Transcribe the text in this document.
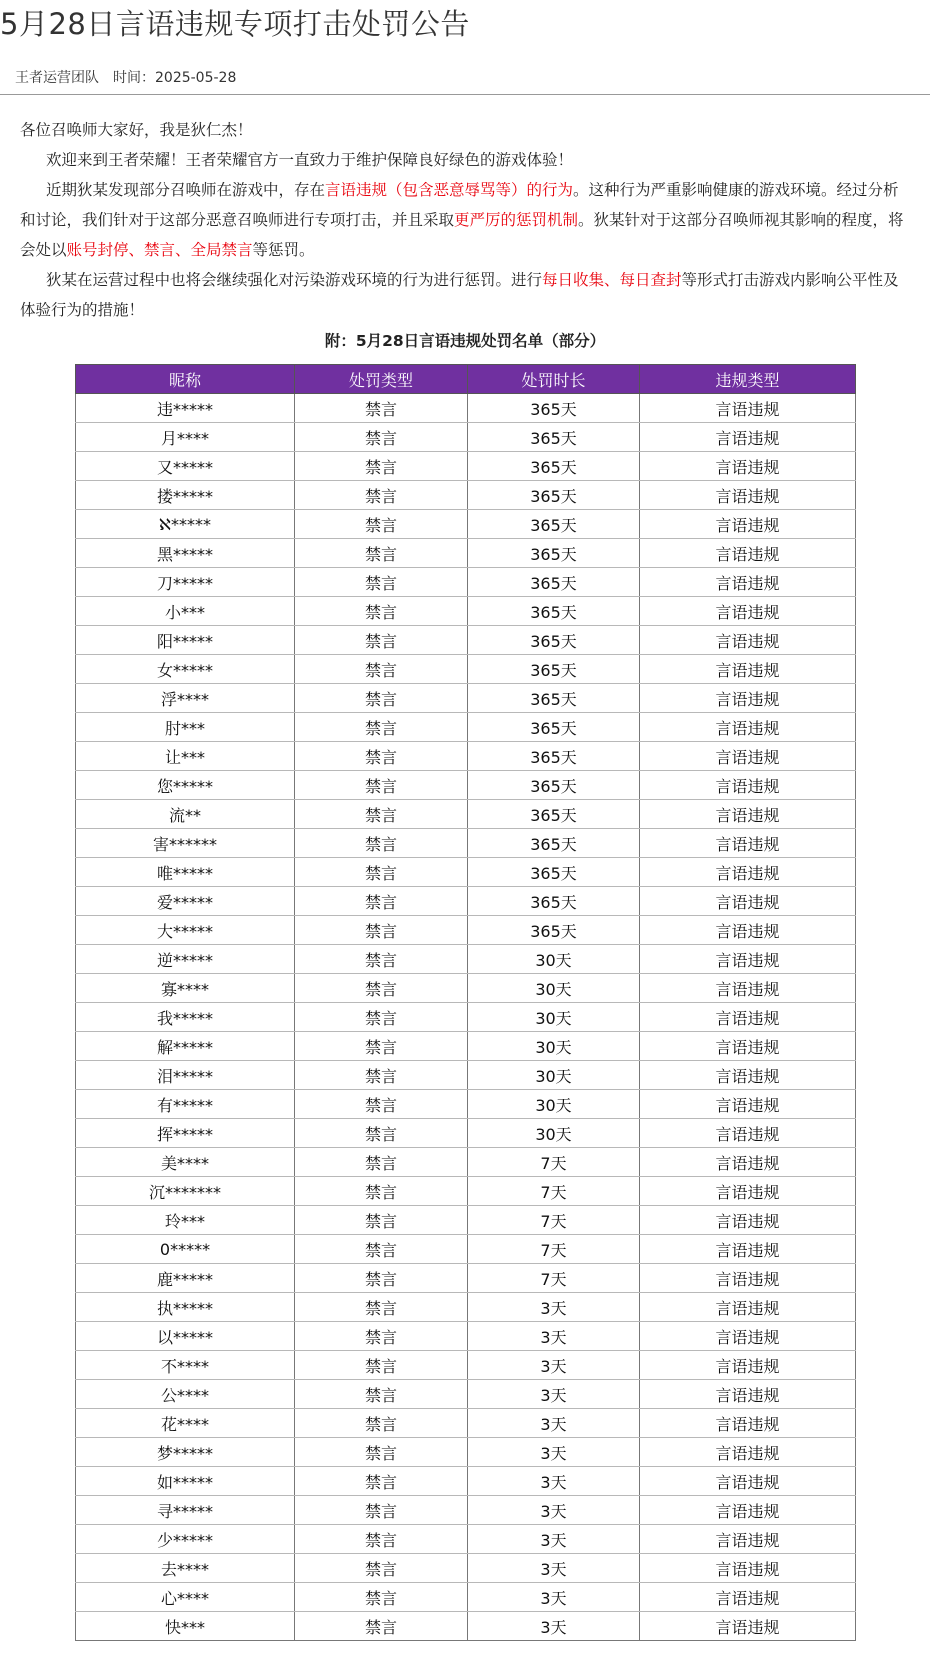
5月28日言语违规专项打击处罚公告
王者运营团队 时间：2025-05-28

各位召唤师大家好，我是狄仁杰！

欢迎来到王者荣耀！王者荣耀官方一直致力于维护保障良好绿色的游戏体验！

近期狄某发现部分召唤师在游戏中，存在言语违规（包含恶意辱骂等）的行为。这种行为严重影响健康的游戏环境。经过分析和讨论，我们针对于这部分恶意召唤师进行专项打击，并且采取更严厉的惩罚机制。狄某针对于这部分召唤师视其影响的程度，将会处以账号封停、禁言、全局禁言等惩罚。

狄某在运营过程中也将会继续强化对污染游戏环境的行为进行惩罚。进行每日收集、每日查封等形式打击游戏内影响公平性及体验行为的措施！

附：5月28日言语违规处罚名单（部分）
昵称	处罚类型	处罚时长	违规类型
违*****	禁言	365天	言语违规
月****	禁言	365天	言语违规
又*****	禁言	365天	言语违规
搂*****	禁言	365天	言语违规
ℵ*****	禁言	365天	言语违规
黑*****	禁言	365天	言语违规
刀*****	禁言	365天	言语违规
小***	禁言	365天	言语违规
阳*****	禁言	365天	言语违规
女*****	禁言	365天	言语违规
浮****	禁言	365天	言语违规
肘***	禁言	365天	言语违规
让***	禁言	365天	言语违规
您*****	禁言	365天	言语违规
流**	禁言	365天	言语违规
害******	禁言	365天	言语违规
唯*****	禁言	365天	言语违规
爱*****	禁言	365天	言语违规
大*****	禁言	365天	言语违规
逆*****	禁言	30天	言语违规
寡****	禁言	30天	言语违规
我*****	禁言	30天	言语违规
解*****	禁言	30天	言语违规
泪*****	禁言	30天	言语违规
有*****	禁言	30天	言语违规
挥*****	禁言	30天	言语违规
美****	禁言	7天	言语违规
沉*******	禁言	7天	言语违规
玲***	禁言	7天	言语违规
0*****	禁言	7天	言语违规
鹿*****	禁言	7天	言语违规
执*****	禁言	3天	言语违规
以*****	禁言	3天	言语违规
不****	禁言	3天	言语违规
公****	禁言	3天	言语违规
花****	禁言	3天	言语违规
梦*****	禁言	3天	言语违规
如*****	禁言	3天	言语违规
寻*****	禁言	3天	言语违规
少*****	禁言	3天	言语违规
去****	禁言	3天	言语违规
心****	禁言	3天	言语违规
快***	禁言	3天	言语违规
